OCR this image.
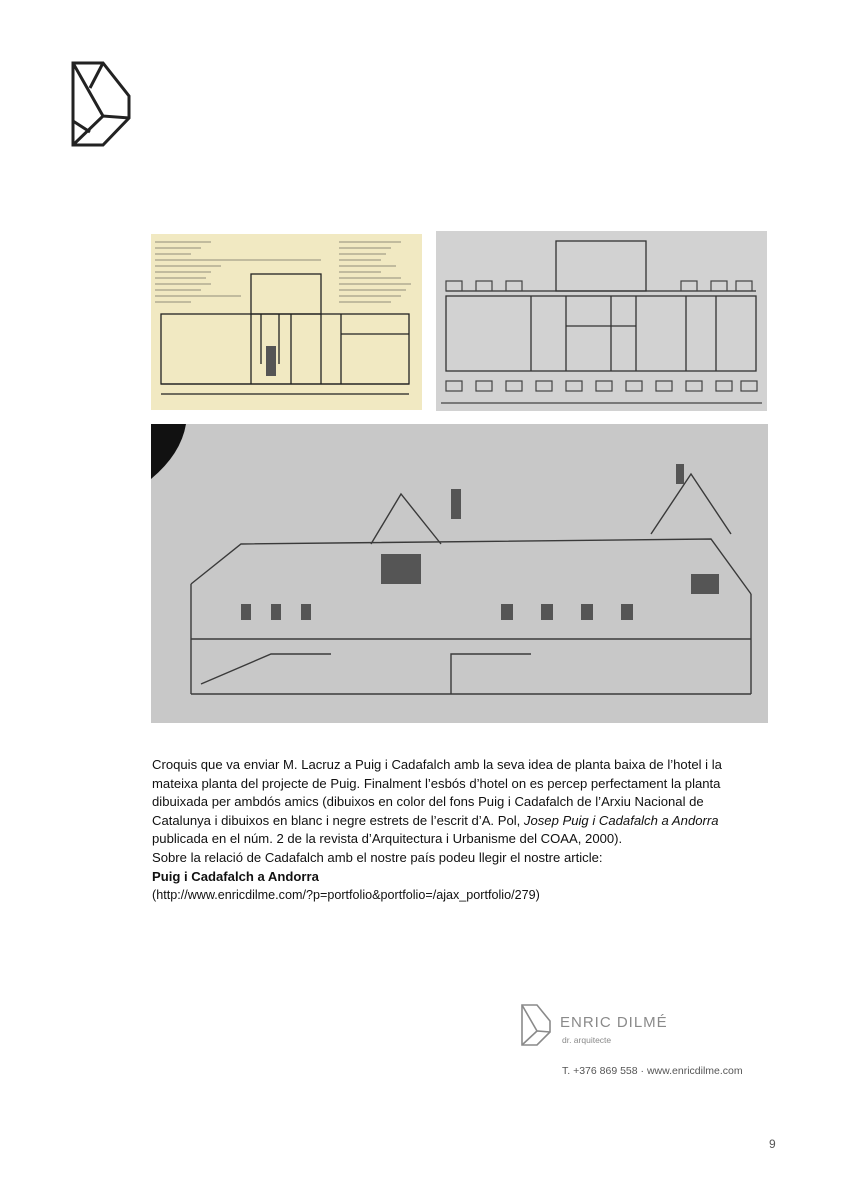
Croquis que va enviar M. Lacruz a Puig i Cadafalch amb la seva idea de planta baixa de l’hotel i la

mateixa planta del projecte de Puig. Finalment l’esbós d’hotel on es percep perfectament la planta

dibuixada per ambdós amics (dibuixos en color del fons Puig i Cadafalch de l’Arxiu Nacional de

Catalunya i dibuixos en blanc i negre estrets de l’escrit d’A. Pol, Josep Puig i Cadafalch a Andorra

publicada en el núm. 2 de la revista d’Arquitectura i Urbanisme del COAA, 2000).

Sobre la relació de Cadafalch amb el nostre país podeu llegir el nostre article:

Puig i Cadafalch a Andorra

(http://www.enricdilme.com/?p=portfolio&portfolio=/ajax_portfolio/279)

ENRIC DILMÉ
dr. arquitecte
T. +376 869 558 · www.enricdilme.com
9
